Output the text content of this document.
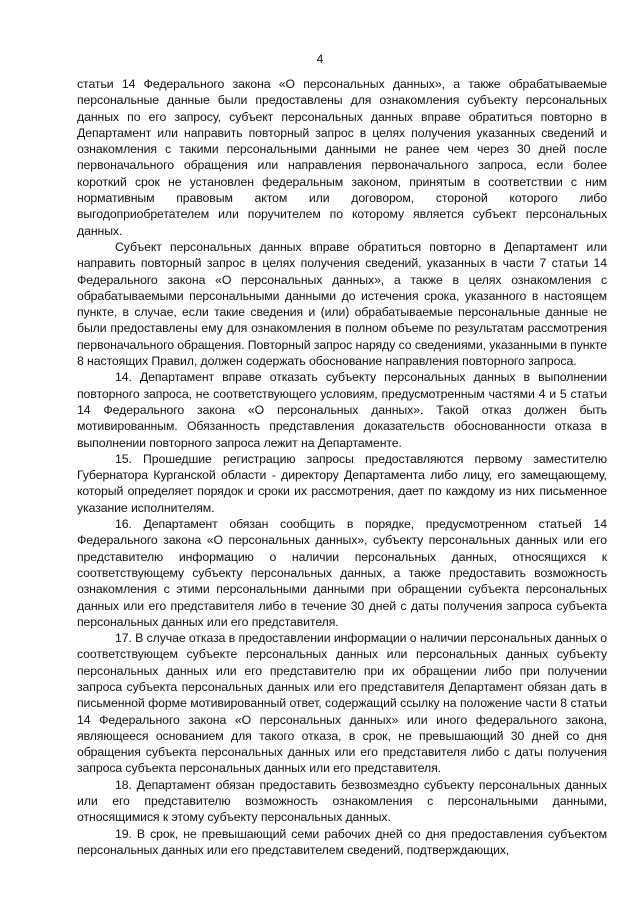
4

статьи 14 Федерального закона «О персональных данных», а также обрабатываемые персональные данные были предоставлены для ознакомления субъекту персональных данных по его запросу, субъект персональных данных вправе обратиться повторно в Департамент или направить повторный запрос в целях получения указанных сведений и ознакомления с такими персональными данными не ранее чем через 30 дней после первоначального обращения или направления первоначального запроса, если более короткий срок не установлен федеральным законом, принятым в соответствии с ним нормативным правовым актом или договором, стороной которого либо выгодоприобретателем или поручителем по которому является субъект персональных данных.

Субъект персональных данных вправе обратиться повторно в Департамент или направить повторный запрос в целях получения сведений, указанных в части 7 статьи 14 Федерального закона «О персональных данных», а также в целях ознакомления с обрабатываемыми персональными данными до истечения срока, указанного в настоящем пункте, в случае, если такие сведения и (или) обрабатываемые персональные данные не были предоставлены ему для ознакомления в полном объеме по результатам рассмотрения первоначального обращения. Повторный запрос наряду со сведениями, указанными в пункте 8 настоящих Правил, должен содержать обоснование направления повторного запроса.

14. Департамент вправе отказать субъекту персональных данных в выполнении повторного запроса, не соответствующего условиям, предусмотренным частями 4 и 5 статьи 14 Федерального закона «О персональных данных». Такой отказ должен быть мотивированным. Обязанность представления доказательств обоснованности отказа в выполнении повторного запроса лежит на Департаменте.

15. Прошедшие регистрацию запросы предоставляются первому заместителю Губернатора Курганской области - директору Департамента либо лицу, его замещающему, который определяет порядок и сроки их рассмотрения, дает по каждому из них письменное указание исполнителям.

16. Департамент обязан сообщить в порядке, предусмотренном статьей 14 Федерального закона «О персональных данных», субъекту персональных данных или его представителю информацию о наличии персональных данных, относящихся к соответствующему субъекту персональных данных, а также предоставить возможность ознакомления с этими персональными данными при обращении субъекта персональных данных или его представителя либо в течение 30 дней с даты получения запроса субъекта персональных данных или его представителя.

17. В случае отказа в предоставлении информации о наличии персональных данных о соответствующем субъекте персональных данных или персональных данных субъекту персональных данных или его представителю при их обращении либо при получении запроса субъекта персональных данных или его представителя Департамент обязан дать в письменной форме мотивированный ответ, содержащий ссылку на положение части 8 статьи 14 Федерального закона «О персональных данных» или иного федерального закона, являющееся основанием для такого отказа, в срок, не превышающий 30 дней со дня обращения субъекта персональных данных или его представителя либо с даты получения запроса субъекта персональных данных или его представителя.

18. Департамент обязан предоставить безвозмездно субъекту персональных данных или его представителю возможность ознакомления с персональными данными, относящимися к этому субъекту персональных данных.

19. В срок, не превышающий семи рабочих дней со дня предоставления субъектом персональных данных или его представителем сведений, подтверждающих,
